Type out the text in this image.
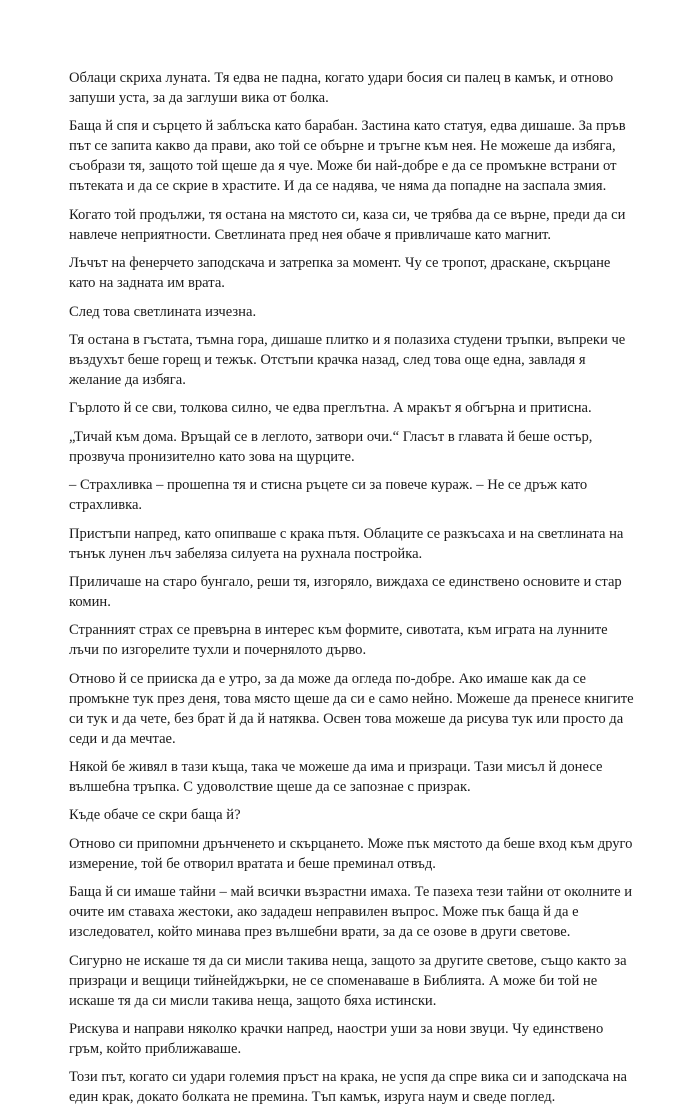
Облаци скриха луната. Тя едва не падна, когато удари босия си палец в камък, и отново запуши уста, за да заглуши вика от болка.

Баща й спя и сърцето й заблъска като барабан. Застина като статуя, едва дишаше. За пръв път се запита какво да прави, ако той се обърне и тръгне към нея. Не можеше да избяга, съобрази тя, защото той щеше да я чуе. Може би най-добре е да се промъкне встрани от пътеката и да се скрие в храстите. И да се надява, че няма да попадне на заспала змия.

Когато той продължи, тя остана на мястото си, каза си, че трябва да се върне, преди да си навлече неприятности. Светлината пред нея обаче я привличаше като магнит.

Лъчът на фенерчето заподскача и затрепка за момент. Чу се тропот, драскане, скърцане като на задната им врата.

След това светлината изчезна.

Тя остана в гъстата, тъмна гора, дишаше плитко и я полазиха студени тръпки, въпреки че въздухът беше горещ и тежък. Отстъпи крачка назад, след това още една, завладя я желание да избяга.

Гърлото й се сви, толкова силно, че едва преглътна. А мракът я обгърна и притисна.

„Тичай към дома. Връщай се в леглото, затвори очи.“ Гласът в главата й беше остър, прозвуча пронизително като зова на щурците.

– Страхливка – прошепна тя и стисна ръцете си за повече кураж. – Не се дръж като страхливка.

Пристъпи напред, като опипваше с крака пътя. Облаците се разкъсаха и на светлината на тънък лунен лъч забеляза силуета на рухнала постройка.

Приличаше на старо бунгало, реши тя, изгоряло, виждаха се единствено основите и стар комин.

Странният страх се превърна в интерес към формите, сивотата, към играта на лунните лъчи по изгорелите тухли и почернялото дърво.

Отново й се прииска да е утро, за да може да огледа по-добре. Ако имаше как да се промъкне тук през деня, това място щеше да си е само нейно. Можеше да пренесе книгите си тук и да чете, без брат й да й натяква. Освен това можеше да рисува тук или просто да седи и да мечтае.

Някой бе живял в тази къща, така че можеше да има и призраци. Тази мисъл й донесе вълшебна тръпка. С удоволствие щеше да се запознае с призрак.

Къде обаче се скри баща й?

Отново си припомни дрънченето и скърцането. Може пък мястото да беше вход към друго измерение, той бе отворил вратата и беше преминал отвъд.

Баща й си имаше тайни – май всички възрастни имаха. Те пазеха тези тайни от околните и очите им ставаха жестоки, ако зададеш неправилен въпрос. Може пък баща й да е изследовател, който минава през вълшебни врати, за да се озове в други светове.

Сигурно не искаше тя да си мисли такива неща, защото за другите светове, също както за призраци и вещици тийнейджърки, не се споменаваше в Библията. А може би той не искаше тя да си мисли такива неща, защото бяха истински.

Рискува и направи няколко крачки напред, наостри уши за нови звуци. Чу единствено гръм, който приближаваше.

Този път, когато си удари големия пръст на крака, не успя да спре вика си и заподскача на един крак, докато болката не премина. Тъп камък, изруга наум и сведе поглед.
